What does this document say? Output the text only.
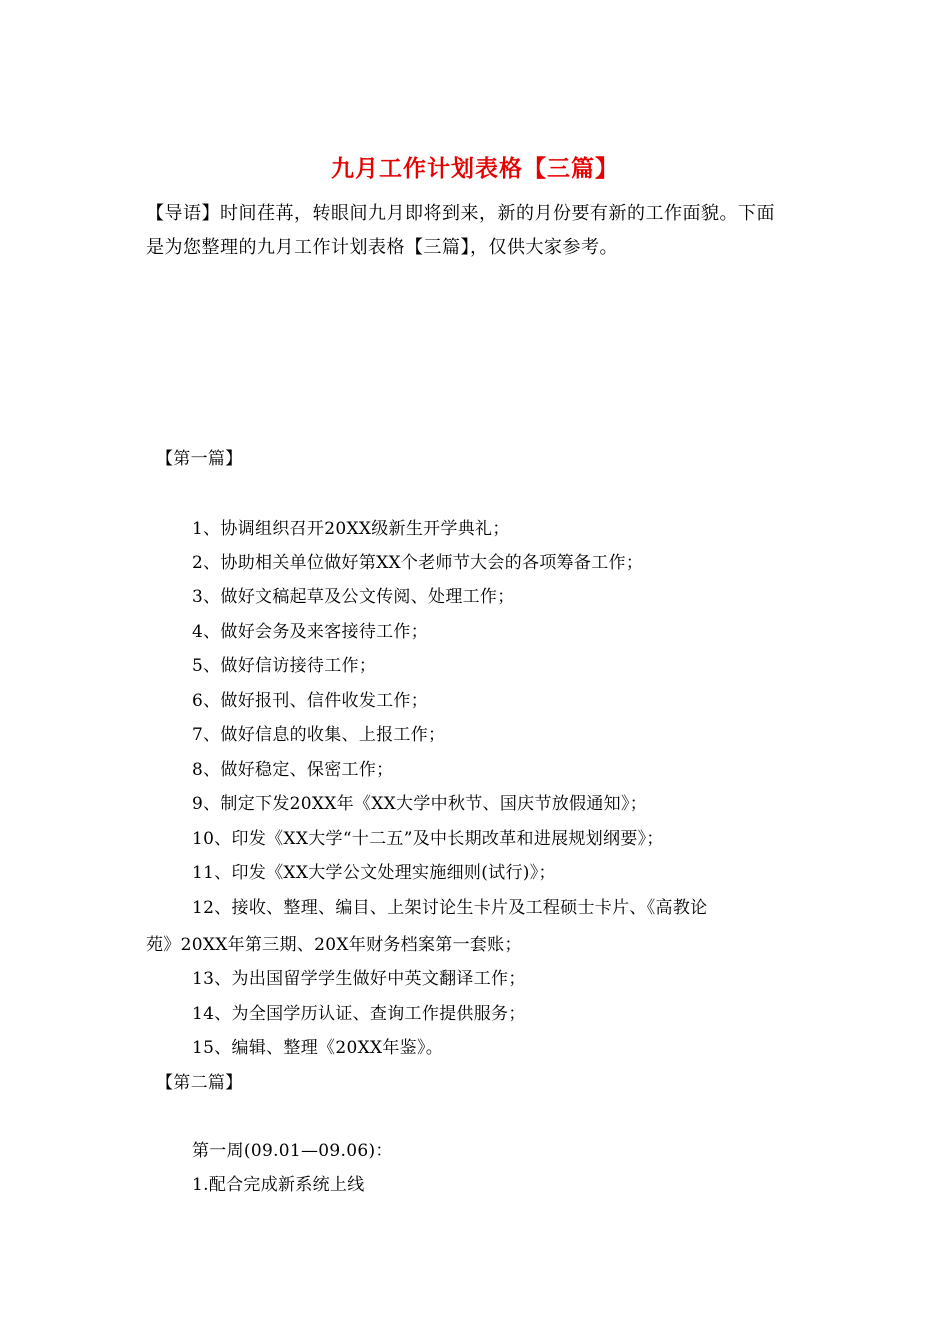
九月工作计划表格【三篇】
【导语】时间荏苒，转眼间九月即将到来，新的月份要有新的工作面貌。下面
是为您整理的九月工作计划表格【三篇】，仅供大家参考。
【第一篇】
1、协调组织召开20XX级新生开学典礼；
2、协助相关单位做好第XX个老师节大会的各项筹备工作；
3、做好文稿起草及公文传阅、处理工作；
4、做好会务及来客接待工作；
5、做好信访接待工作；
6、做好报刊、信件收发工作；
7、做好信息的收集、上报工作；
8、做好稳定、保密工作；
9、制定下发20XX年《XX大学中秋节、国庆节放假通知》；
10、印发《XX大学“十二五”及中长期改革和进展规划纲要》；
11、印发《XX大学公文处理实施细则(试行)》；
12、接收、整理、编目、上架讨论生卡片及工程硕士卡片、《高教论
苑》20XX年第三期、20X年财务档案第一套账；
13、为出国留学学生做好中英文翻译工作；
14、为全国学历认证、查询工作提供服务；
15、编辑、整理《20XX年鉴》。
【第二篇】
第一周(09.01—09.06)：
1.配合完成新系统上线
